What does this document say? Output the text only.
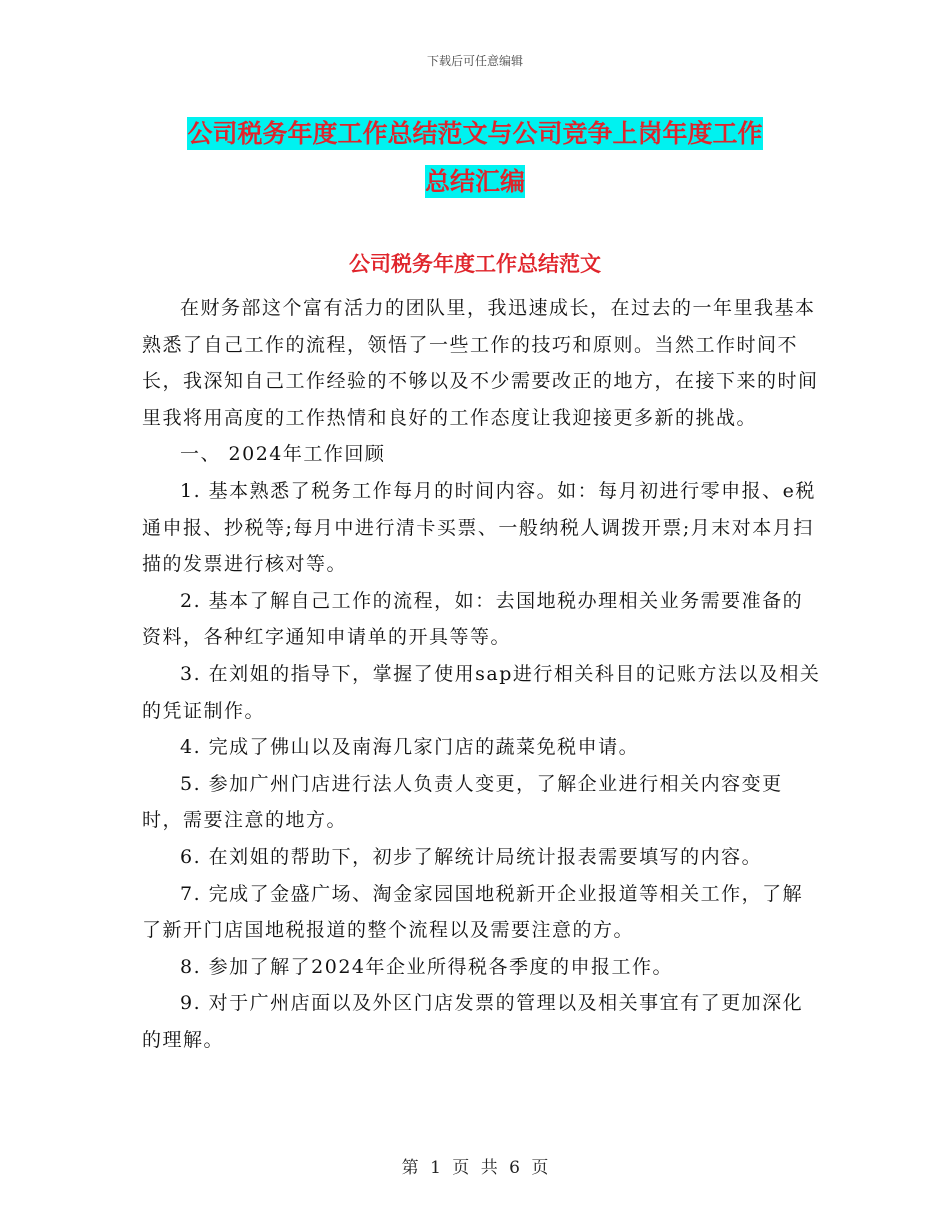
下载后可任意编辑
公司税务年度工作总结范文与公司竞争上岗年度工作
总结汇编
公司税务年度工作总结范文

在财务部这个富有活力的团队里，我迅速成长，在过去的一年里我基本熟悉了自己工作的流程，领悟了一些工作的技巧和原则。当然工作时间不长，我深知自己工作经验的不够以及不少需要改正的地方，在接下来的时间里我将用高度的工作热情和良好的工作态度让我迎接更多新的挑战。

一、 2024年工作回顾

1. 基本熟悉了税务工作每月的时间内容。如：每月初进行零申报、e税通申报、抄税等;每月中进行清卡买票、一般纳税人调拨开票;月末对本月扫描的发票进行核对等。

2. 基本了解自己工作的流程，如：去国地税办理相关业务需要准备的资料，各种红字通知申请单的开具等等。

3. 在刘姐的指导下，掌握了使用sap进行相关科目的记账方法以及相关的凭证制作。

4. 完成了佛山以及南海几家门店的蔬菜免税申请。

5. 参加广州门店进行法人负责人变更，了解企业进行相关内容变更时，需要注意的地方。

6. 在刘姐的帮助下，初步了解统计局统计报表需要填写的内容。

7. 完成了金盛广场、淘金家园国地税新开企业报道等相关工作，了解了新开门店国地税报道的整个流程以及需要注意的方。

8. 参加了解了2024年企业所得税各季度的申报工作。

9. 对于广州店面以及外区门店发票的管理以及相关事宜有了更加深化的理解。

第 1 页 共 6 页
